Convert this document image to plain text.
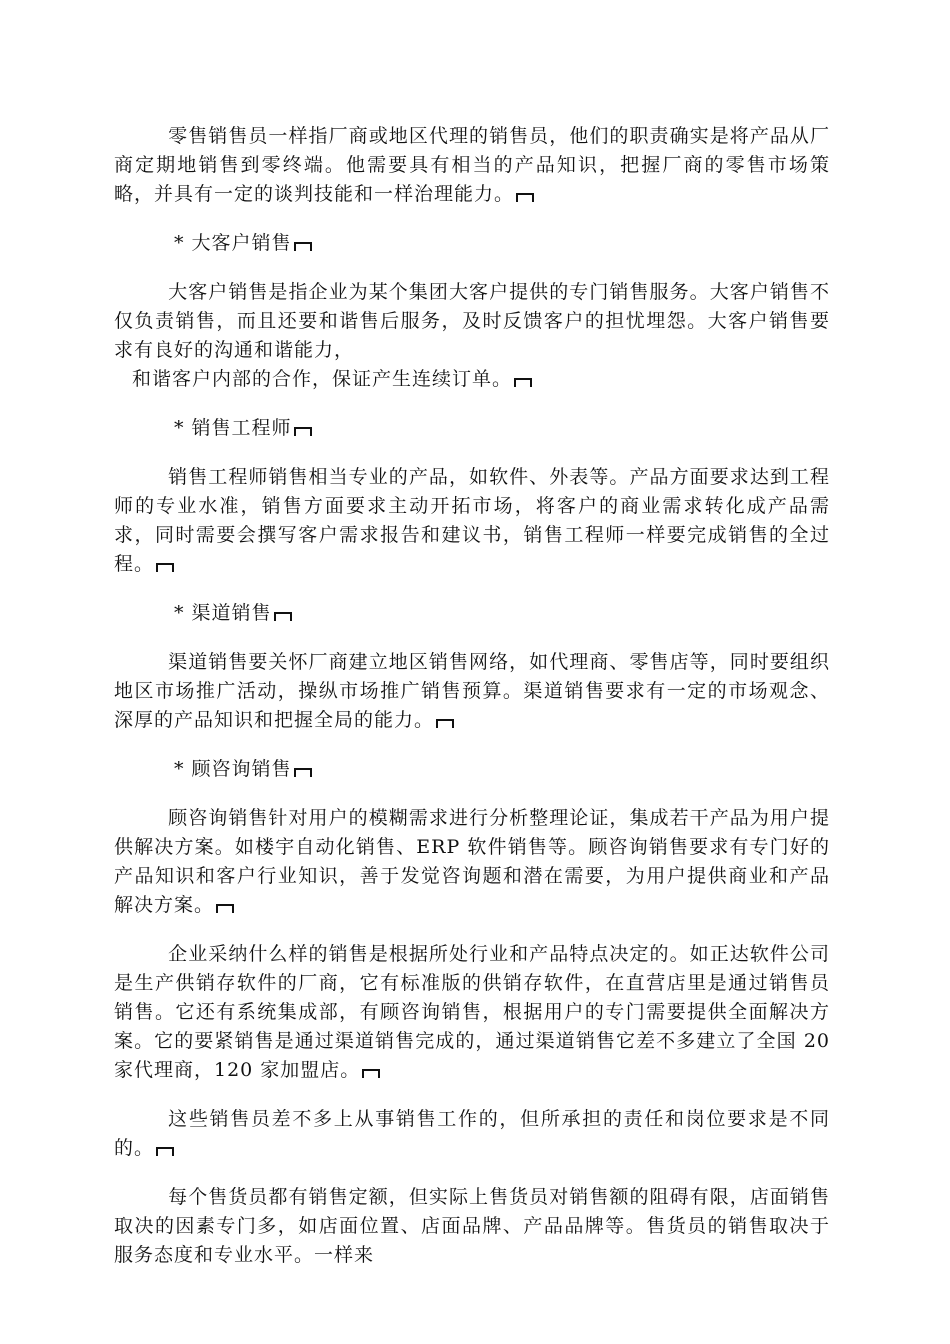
零售销售员一样指厂商或地区代理的销售员，他们的职责确实是将产品从厂商定期地销售到零终端。他需要具有相当的产品知识，把握厂商的零售市场策略，并具有一定的谈判技能和一样治理能力。

* 大客户销售

大客户销售是指企业为某个集团大客户提供的专门销售服务。大客户销售不仅负责销售，而且还要和谐售后服务，及时反馈客户的担忧埋怨。大客户销售要求有良好的沟通和谐能力，
和谐客户内部的合作，保证产生连续订单。

* 销售工程师

销售工程师销售相当专业的产品，如软件、外表等。产品方面要求达到工程师的专业水准，销售方面要求主动开拓市场，将客户的商业需求转化成产品需求，同时需要会撰写客户需求报告和建议书，销售工程师一样要完成销售的全过程。

* 渠道销售

渠道销售要关怀厂商建立地区销售网络，如代理商、零售店等，同时要组织地区市场推广活动，操纵市场推广销售预算。渠道销售要求有一定的市场观念、深厚的产品知识和把握全局的能力。

* 顾咨询销售

顾咨询销售针对用户的模糊需求进行分析整理论证，集成若干产品为用户提供解决方案。如楼宇自动化销售、ERP 软件销售等。顾咨询销售要求有专门好的产品知识和客户行业知识，善于发觉咨询题和潜在需要，为用户提供商业和产品解决方案。

企业采纳什么样的销售是根据所处行业和产品特点决定的。如正达软件公司是生产供销存软件的厂商，它有标准版的供销存软件，在直营店里是通过销售员销售。它还有系统集成部，有顾咨询销售，根据用户的专门需要提供全面解决方案。它的要紧销售是通过渠道销售完成的，通过渠道销售它差不多建立了全国 20 家代理商，120 家加盟店。

这些销售员差不多上从事销售工作的，但所承担的责任和岗位要求是不同的。

每个售货员都有销售定额，但实际上售货员对销售额的阻碍有限，店面销售取决的因素专门多，如店面位置、店面品牌、产品品牌等。售货员的销售取决于服务态度和专业水平。一样来
